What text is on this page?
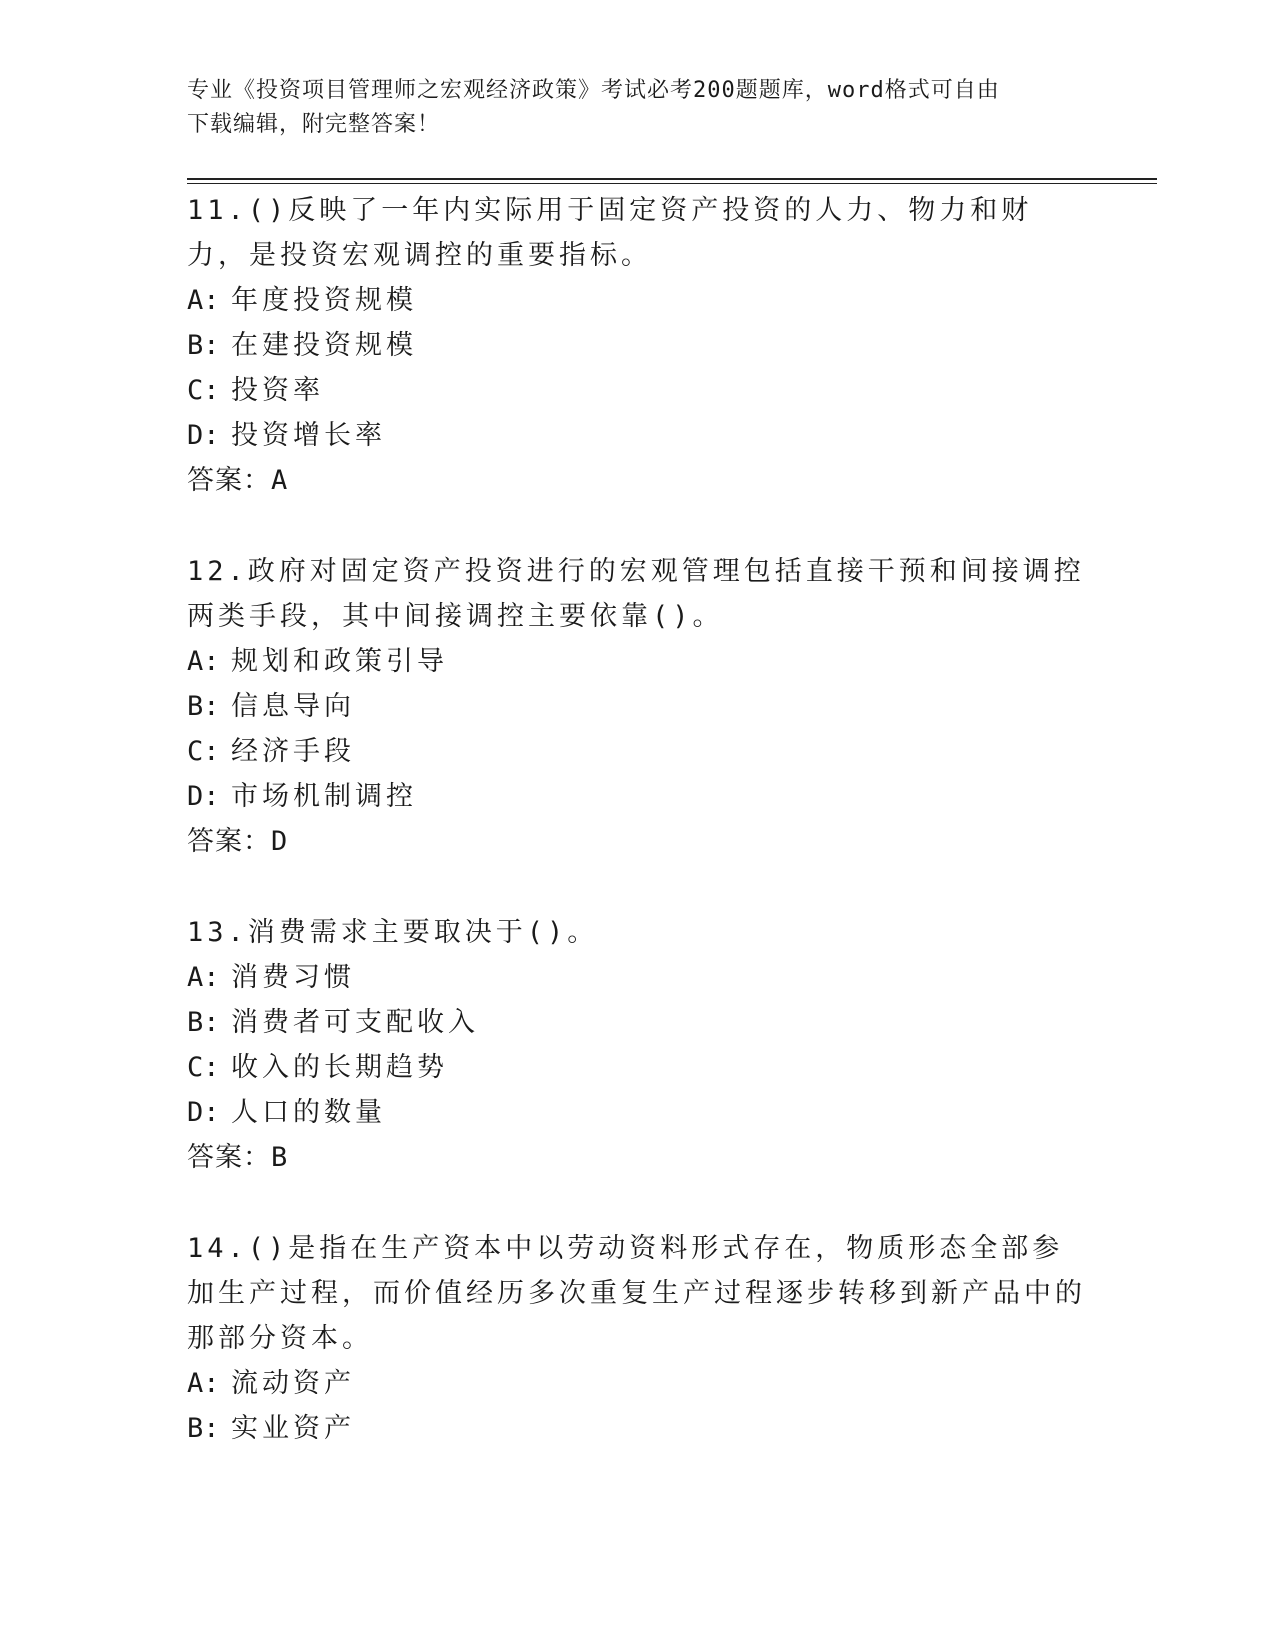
专业《投资项目管理师之宏观经济政策》考试必考200题题库，word格式可自由
下载编辑，附完整答案！

11.()反映了一年内实际用于固定资产投资的人力、物力和财力，是投资宏观调控的重要指标。

A: 年度投资规模

B: 在建投资规模

C: 投资率

D: 投资增长率

答案：A

12.政府对固定资产投资进行的宏观管理包括直接干预和间接调控两类手段，其中间接调控主要依靠()。

A: 规划和政策引导

B: 信息导向

C: 经济手段

D: 市场机制调控

答案：D

13.消费需求主要取决于()。

A: 消费习惯

B: 消费者可支配收入

C: 收入的长期趋势

D: 人口的数量

答案：B

14.()是指在生产资本中以劳动资料形式存在，物质形态全部参加生产过程，而价值经历多次重复生产过程逐步转移到新产品中的那部分资本。

A: 流动资产

B: 实业资产
